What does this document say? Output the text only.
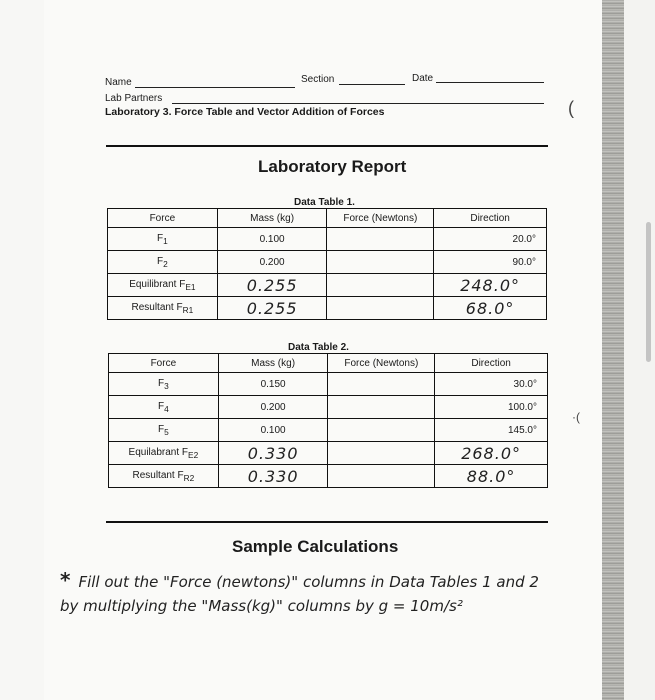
(
·(
Name	Section	Date
Lab Partners
Laboratory 3. Force Table and Vector Addition of Forces
Laboratory Report
Data Table 1.
Force	Mass (kg)	Force (Newtons)	Direction
$F_1$	0.100		20.0°
$F_2$	0.200		90.0°
Equilibrant $F_{E1}$	0.255		248.0°
Resultant $F_{R1}$	0.255		68.0°
Data Table 2.
Force	Mass (kg)	Force (Newtons)	Direction
$F_3$	0.150		30.0°
$F_4$	0.200		100.0°
$F_5$	0.100		145.0°
Equilabrant $F_{E2}$	0.330		268.0°
Resultant $F_{R2}$	0.330		88.0°
Sample Calculations
* Fill out the "Force (newtons)" columns in Data Tables 1 and 2 by multiplying the "Mass(kg)" columns by g = 10m/s²
